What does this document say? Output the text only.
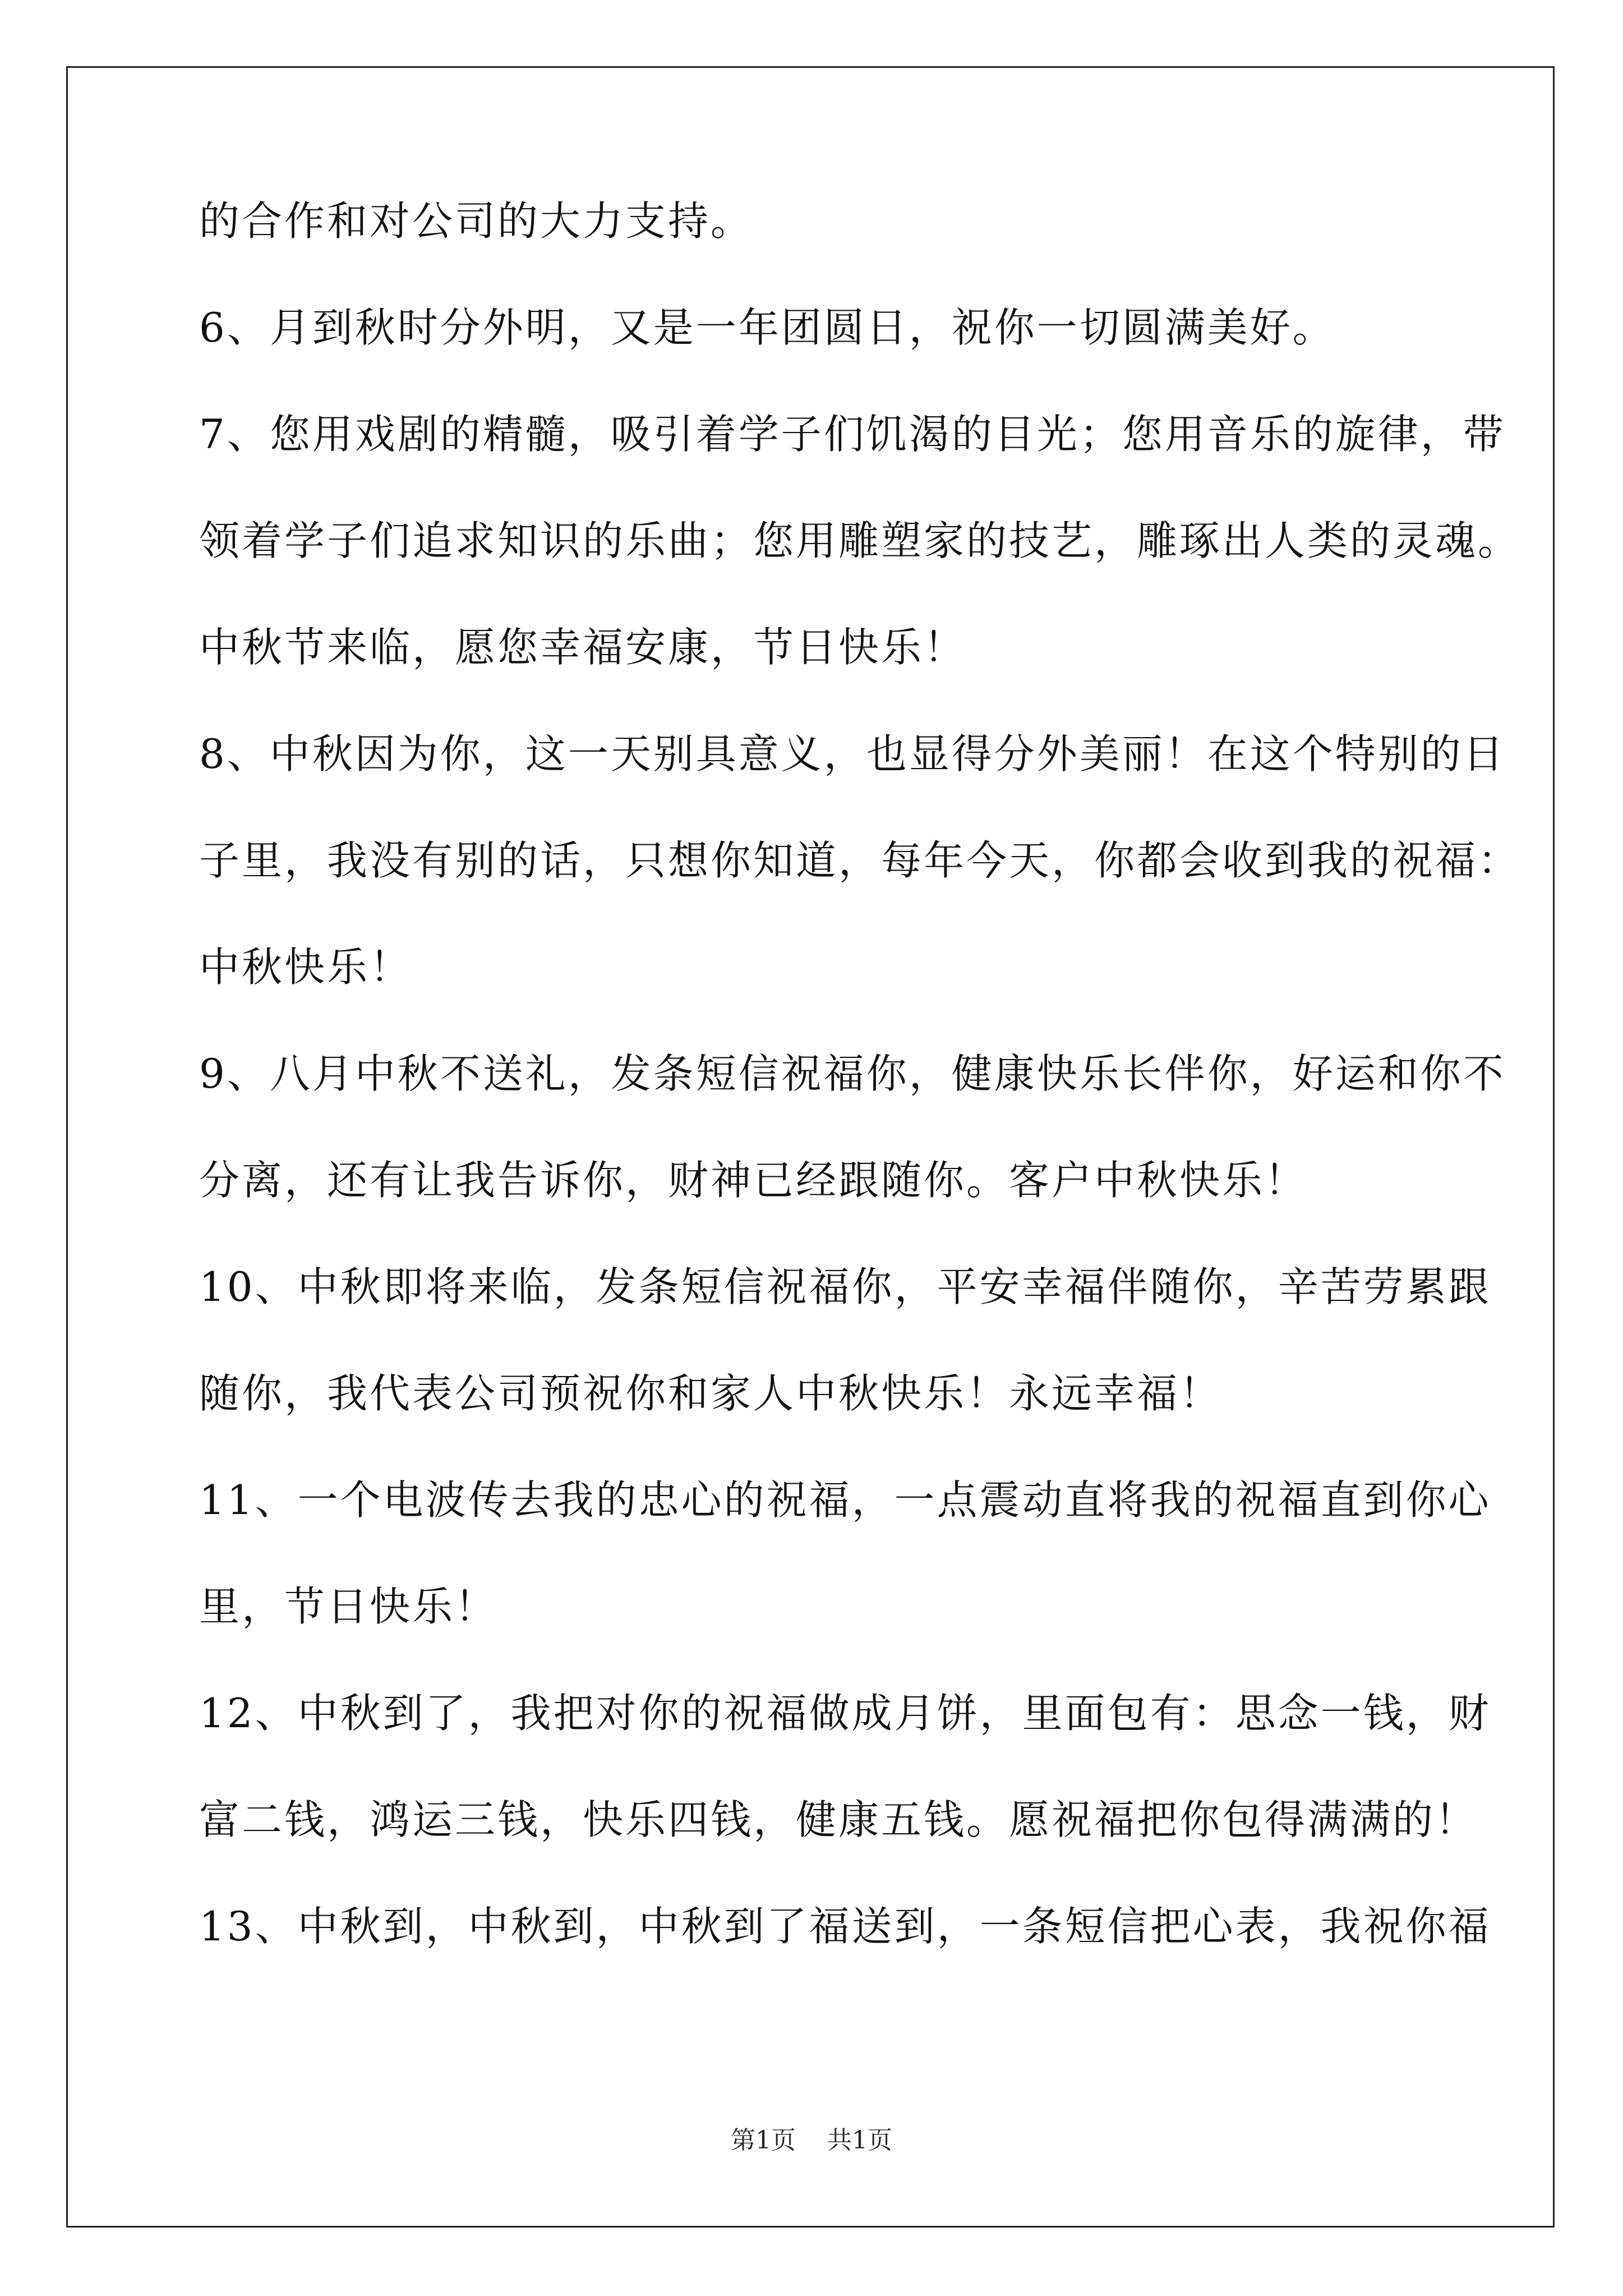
的合作和对公司的大力支持。

6、月到秋时分外明，又是一年团圆日，祝你一切圆满美好。

7、您用戏剧的精髓，吸引着学子们饥渴的目光；您用音乐的旋律，带

领着学子们追求知识的乐曲；您用雕塑家的技艺，雕琢出人类的灵魂。

中秋节来临，愿您幸福安康，节日快乐！

8、中秋因为你，这一天别具意义，也显得分外美丽！在这个特别的日

子里，我没有别的话，只想你知道，每年今天，你都会收到我的祝福：

中秋快乐！

9、八月中秋不送礼，发条短信祝福你，健康快乐长伴你，好运和你不

分离，还有让我告诉你，财神已经跟随你。客户中秋快乐！

10、中秋即将来临，发条短信祝福你，平安幸福伴随你，辛苦劳累跟

随你，我代表公司预祝你和家人中秋快乐！永远幸福！

11、一个电波传去我的忠心的祝福，一点震动直将我的祝福直到你心

里，节日快乐！

12、中秋到了，我把对你的祝福做成月饼，里面包有：思念一钱，财

富二钱，鸿运三钱，快乐四钱，健康五钱。愿祝福把你包得满满的！

13、中秋到，中秋到，中秋到了福送到，一条短信把心表，我祝你福

第1页 共1页
